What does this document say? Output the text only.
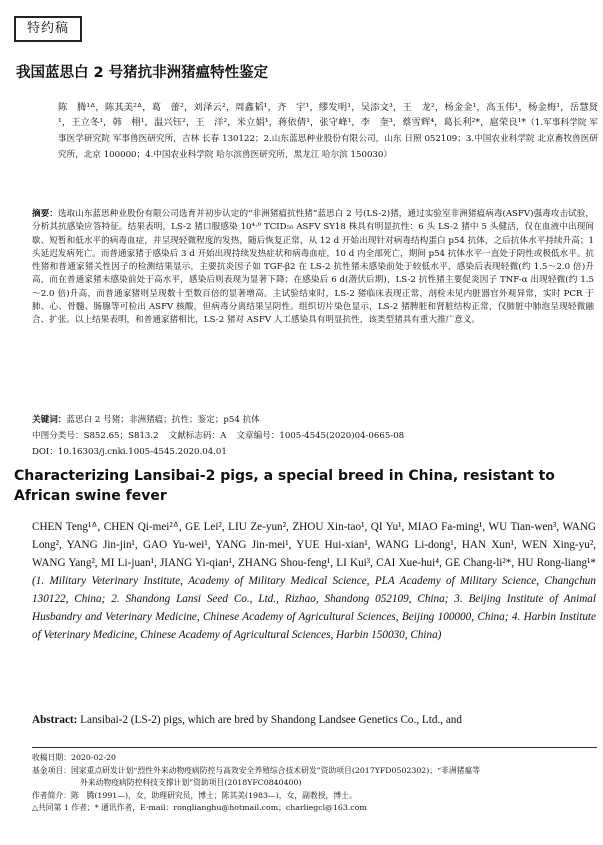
特约稿
我国蓝思白 2 号猪抗非洲猪瘟特性鉴定
陈　腾¹ᐞ，陈其美²ᐞ，葛　蕾²，刘泽云²，周鑫韬¹，齐　宇¹，缪发明¹，吴添文³，王　龙²，杨金金¹，高玉伟¹，杨金梅¹，岳慧贤¹，王立冬¹，韩　栩¹，温兴钰²，王　洋²，米立娟¹，蒋依倩¹，张守峰¹，李　奎³，蔡雪辉⁴，葛长利²*，扈荣良¹*（1.军事科学院 军事医学研究院 军事兽医研究所，吉林 长春 130122；2.山东蓝思种业股份有限公司，山东 日照 052109；3.中国农业科学院 北京畜牧兽医研究所，北京 100000；4.中国农业科学院 哈尔滨兽医研究所，黑龙江 哈尔滨 150030）
摘要：选取山东蓝思种业股份有限公司选育并初步认定的“非洲猪瘟抗性猪”蓝思白 2 号(LS-2)猪，通过实验室非洲猪瘟病毒(ASFV)强毒攻击试验，分析其抗感染应答特征。结果表明，LS-2 猪口服感染 10⁴·⁰ TCID₅₀ ASFV SY18 株具有明显抗性：6 头 LS-2 猪中 5 头健活，仅在血液中出现间歇、短暂和低水平的病毒血症，并呈现轻微程度的发热，随后恢复正常，从 12 d 开始出现针对病毒结构蛋白 p54 抗体，之后抗体水平持续升高；1 头延迟发病死亡。而普通家猪于感染后 3 d 开始出现持续发热症状和病毒血症，10 d 内全部死亡，期间 p54 抗体水平一直处于阴性或极低水平。抗性猪和普通家猪关性因子的检测结果显示，主要抗炎因子如 TGF-β2 在 LS-2 抗性猪未感染前处于较低水平，感染后表现轻微(约 1.5～2.0 倍)升高，而在普通家猪未感染前处于高水平，感染后则表现为显著下降；在感染后 6 d(潜伏后期)，LS-2 抗性猪主要促炎因子 TNF-α 出现轻微(约 1.5～2.0 倍)升高，而普通家猪则呈现数十至数百倍的显著增高。主试验结束时，LS-2 猪临床表现正常，剖检未见内脏器官外观异常，实时 PCR 于肺、心、骨髓、肠腺等可检出 ASFV 核酸，但病毒分离结果呈阴性。组织切片染色显示，LS-2 猪脾脏和肾脏结构正常，仅肺脏中肺泡呈现轻微融合、扩张。以上结果表明，和普通家猪相比，LS-2 猪对 ASFV 人工感染具有明显抗性，该类型猪具有重大推广意义。
关键词：蓝思白 2 号猪；非洲猪瘟；抗性；鉴定；p54 抗体
中图分类号：S852.65；S813.2 文献标志码：A 文章编号：1005-4545(2020)04-0665-08
DOI：10.16303/j.cnki.1005-4545.2020.04.01
Characterizing Lansibai-2 pigs, a special breed in China, resistant to African swine fever
CHEN Teng¹ᐞ, CHEN Qi-mei²ᐞ, GE Lei², LIU Ze-yun², ZHOU Xin-tao¹, QI Yu¹, MIAO Fa-ming¹, WU Tian-wen³, WANG Long², YANG Jin-jin¹, GAO Yu-wei¹, YANG Jin-mei¹, YUE Hui-xian¹, WANG Li-dong¹, HAN Xun¹, WEN Xing-yu², WANG Yang², MI Li-juan¹, JIANG Yi-qian¹, ZHANG Shou-feng¹, LI Kui³, CAI Xue-hui⁴, GE Chang-li²*, HU Rong-liang¹* (1. Military Veterinary Institute, Academy of Military Medical Science, PLA Academy of Military Science, Changchun 130122, China; 2. Shandong Lansi Seed Co., Ltd., Rizhao, Shandong 052109, China; 3. Beijing Institute of Animal Husbandry and Veterinary Medicine, Chinese Academy of Agricultural Sciences, Beijing 100000, China; 4. Harbin Institute of Veterinary Medicine, Chinese Academy of Agricultural Sciences, Harbin 150030, China)
Abstract: Lansibai-2 (LS-2) pigs, which are bred by Shandong Landsee Genetics Co., Ltd., and

收稿日期：2020-02-20

基金项目：国家重点研发计划“烈性外来动物疫病防控与高效安全养殖综合技术研发”资助项目(2017YFD0502302)；“非洲猪瘟等

外来动物疫病防控科技支撑计划”资助项目(2018YFC0840400)

作者简介：陈　腾(1991—)，女，助理研究员，博士；陈其美(1983—)，女，副教授，博士。

△共同第 1 作者；* 通讯作者，E-mail：ronglianghu@hotmail.com；charliegcl@163.com
